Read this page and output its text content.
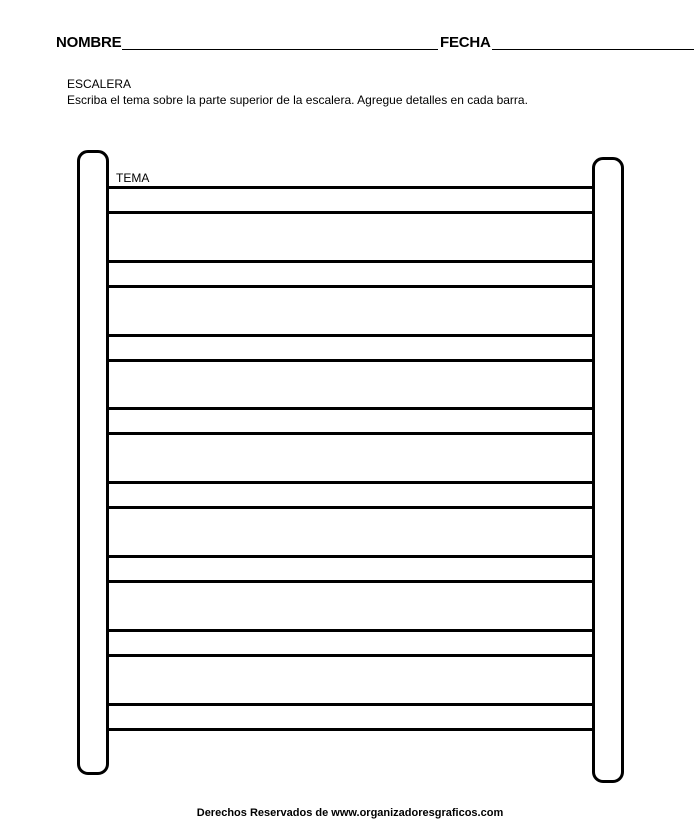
NOMBRE	FECHA
ESCALERA
Escriba el tema sobre la parte superior de la escalera. Agregue detalles en cada barra.
TEMA
Derechos Reservados de www.organizadoresgraficos.com
